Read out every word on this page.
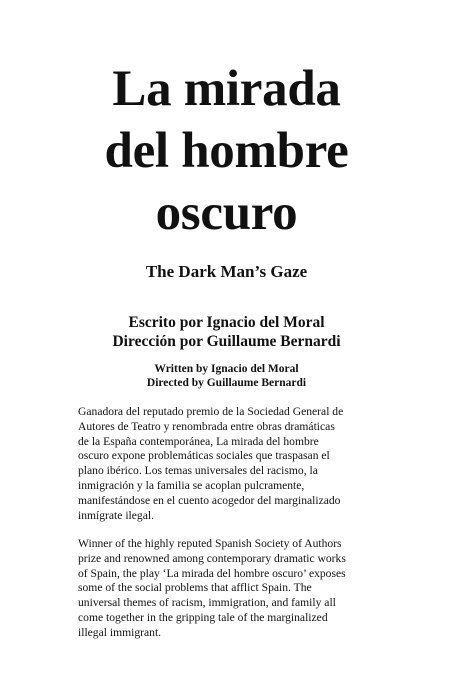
La mirada
del hombre
oscuro
The Dark Man’s Gaze
Escrito por Ignacio del Moral
Dirección por Guillaume Bernardi
Written by Ignacio del Moral
Directed by Guillaume Bernardi
Ganadora del reputado premio de la Sociedad General de
Autores de Teatro y renombrada entre obras dramáticas
de la España contemporánea, La mirada del hombre
oscuro expone problemáticas sociales que traspasan el
plano ibérico. Los temas universales del racismo, la
inmigración y la familia se acoplan pulcramente,
manifestándose en el cuento acogedor del marginalizado
inmígrate ilegal.
Winner of the highly reputed Spanish Society of Authors
prize and renowned among contemporary dramatic works
of Spain, the play ‘La mirada del hombre oscuro’ exposes
some of the social problems that afflict Spain. The
universal themes of racism, immigration, and family all
come together in the gripping tale of the marginalized
illegal immigrant.
